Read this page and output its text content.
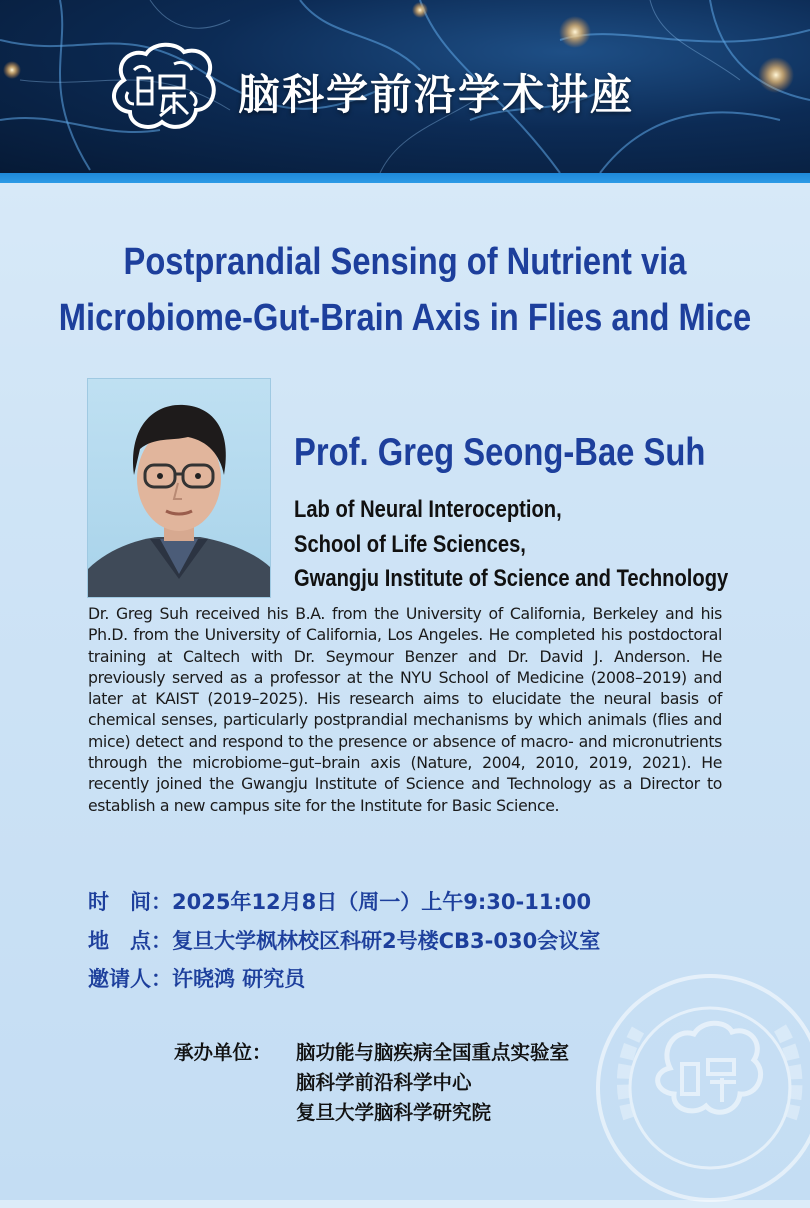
脑科学前沿学术讲座
Postprandial Sensing of Nutrient via
Microbiome-Gut-Brain Axis in Flies and Mice
Prof. Greg Seong-Bae Suh
Lab of Neural Interoception,
School of Life Sciences,
Gwangju Institute of Science and Technology
Dr. Greg Suh received his B.A. from the University of California, Berkeley and his Ph.D. from the University of California, Los Angeles. He completed his postdoctoral training at Caltech with Dr. Seymour Benzer and Dr. David J. Anderson. He previously served as a professor at the NYU School of Medicine (2008–2019) and later at KAIST (2019–2025). His research aims to elucidate the neural basis of chemical senses, particularly postprandial mechanisms by which animals (flies and mice) detect and respond to the presence or absence of macro- and micronutrients through the microbiome–gut–brain axis (Nature, 2004, 2010, 2019, 2021). He recently joined the Gwangju Institute of Science and Technology as a Director to establish a new campus site for the Institute for Basic Science.
时　间：2025年12月8日（周一）上午9:30-11:00
地　点：复旦大学枫林校区科研2号楼CB3-030会议室
邀请人：许晓鸿 研究员
承办单位： 脑功能与脑疾病全国重点实验室
脑科学前沿科学中心
复旦大学脑科学研究院
